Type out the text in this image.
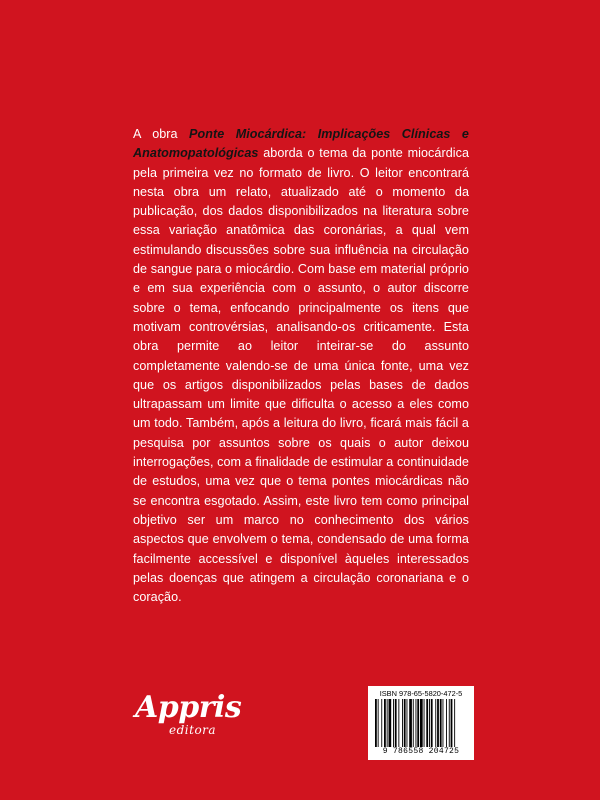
A obra Ponte Miocárdica: Implicações Clínicas e Anatomopatológicas aborda o tema da ponte miocárdica pela primeira vez no formato de livro. O leitor encontrará nesta obra um relato, atualizado até o momento da publicação, dos dados disponibilizados na literatura sobre essa variação anatômica das coronárias, a qual vem estimulando discussões sobre sua influência na circulação de sangue para o miocárdio. Com base em material próprio e em sua experiência com o assunto, o autor discorre sobre o tema, enfocando principalmente os itens que motivam controvérsias, analisando-os criticamente. Esta obra permite ao leitor inteirar-se do assunto completamente valendo-se de uma única fonte, uma vez que os artigos disponibilizados pelas bases de dados ultrapassam um limite que dificulta o acesso a eles como um todo. Também, após a leitura do livro, ficará mais fácil a pesquisa por assuntos sobre os quais o autor deixou interrogações, com a finalidade de estimular a continuidade de estudos, uma vez que o tema pontes miocárdicas não se encontra esgotado. Assim, este livro tem como principal objetivo ser um marco no conhecimento dos vários aspectos que envolvem o tema, condensado de uma forma facilmente accessível e disponível àqueles interessados pelas doenças que atingem a circulação coronariana e o coração.

Appris
editora
ISBN 978-65-5820-472-5
9 786558 204725
